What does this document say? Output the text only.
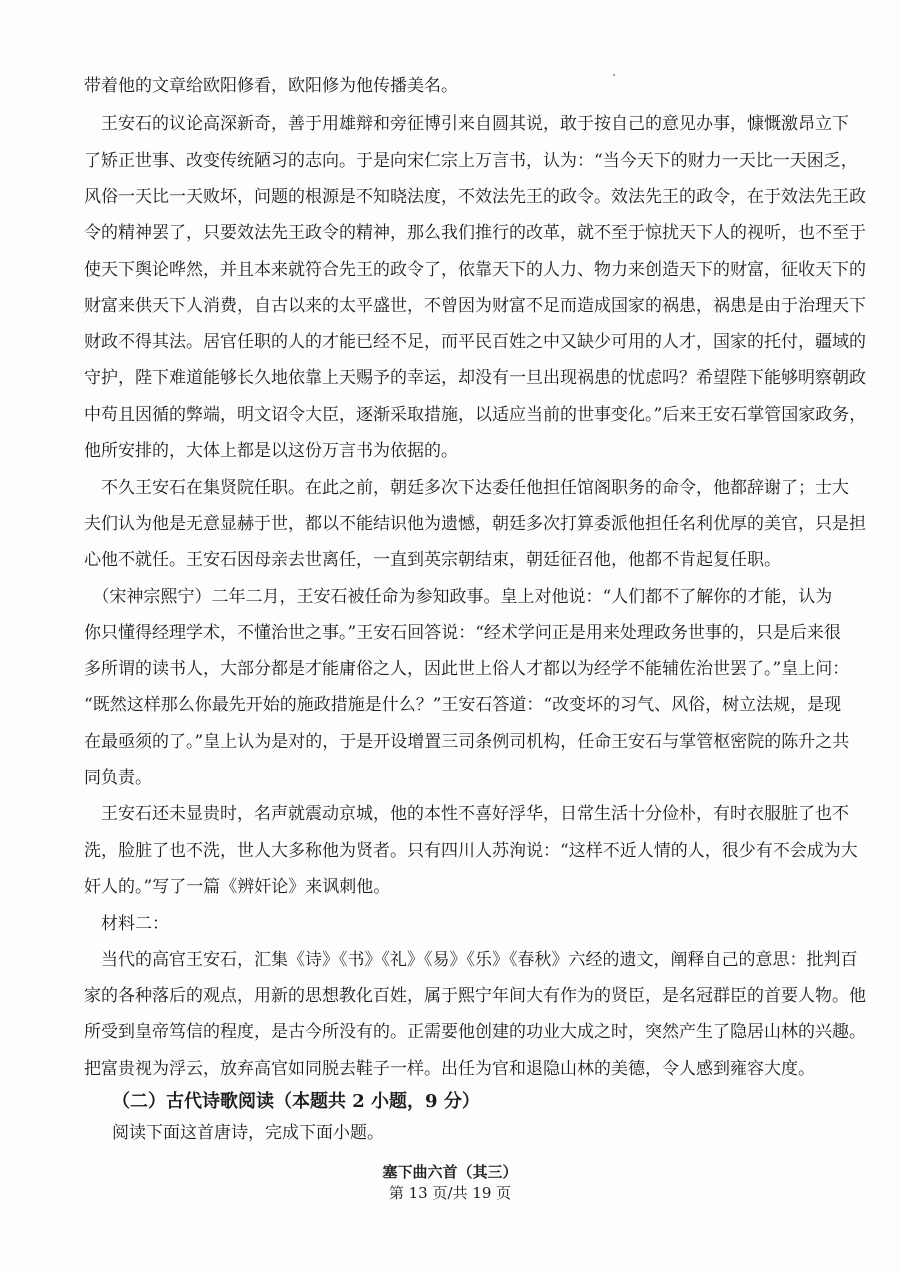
带着他的文章给欧阳修看，欧阳修为他传播美名。
　王安石的议论高深新奇，善于用雄辩和旁征博引来自圆其说，敢于按自己的意见办事，慷慨激昂立下
了矫正世事、改变传统陋习的志向。于是向宋仁宗上万言书，认为：“当今天下的财力一天比一天困乏，
风俗一天比一天败坏，问题的根源是不知晓法度，不效法先王的政令。效法先王的政令，在于效法先王政
令的精神罢了，只要效法先王政令的精神，那么我们推行的改革，就不至于惊扰天下人的视听，也不至于
使天下舆论哗然，并且本来就符合先王的政令了，依靠天下的人力、物力来创造天下的财富，征收天下的
财富来供天下人消费，自古以来的太平盛世，不曾因为财富不足而造成国家的祸患，祸患是由于治理天下
财政不得其法。居官任职的人的才能已经不足，而平民百姓之中又缺少可用的人才，国家的托付，疆域的
守护，陛下难道能够长久地依靠上天赐予的幸运，却没有一旦出现祸患的忧虑吗？希望陛下能够明察朝政
中苟且因循的弊端，明文诏令大臣，逐渐采取措施，以适应当前的世事变化。”后来王安石掌管国家政务，
他所安排的，大体上都是以这份万言书为依据的。
　不久王安石在集贤院任职。在此之前，朝廷多次下达委任他担任馆阁职务的命令，他都辞谢了；士大
夫们认为他是无意显赫于世，都以不能结识他为遗憾，朝廷多次打算委派他担任名利优厚的美官，只是担
心他不就任。王安石因母亲去世离任，一直到英宗朝结束，朝廷征召他，他都不肯起复任职。
　（宋神宗熙宁）二年二月，王安石被任命为参知政事。皇上对他说：“人们都不了解你的才能，认为
你只懂得经理学术，不懂治世之事。”王安石回答说：“经术学问正是用来处理政务世事的，只是后来很
多所谓的读书人，大部分都是才能庸俗之人，因此世上俗人才都以为经学不能辅佐治世罢了。”皇上问：
“既然这样那么你最先开始的施政措施是什么？”王安石答道：“改变坏的习气、风俗，树立法规，是现
在最亟须的了。”皇上认为是对的，于是开设增置三司条例司机构，任命王安石与掌管枢密院的陈升之共
同负责。
　王安石还未显贵时，名声就震动京城，他的本性不喜好浮华，日常生活十分俭朴，有时衣服脏了也不
洗，脸脏了也不洗，世人大多称他为贤者。只有四川人苏洵说：“这样不近人情的人，很少有不会成为大
奸人的。”写了一篇《辨奸论》来讽刺他。
　材料二：
　当代的高官王安石，汇集《诗》《书》《礼》《易》《乐》《春秋》六经的遗文，阐释自己的意思：批判百
家的各种落后的观点，用新的思想教化百姓，属于熙宁年间大有作为的贤臣，是名冠群臣的首要人物。他
所受到皇帝笃信的程度，是古今所没有的。正需要他创建的功业大成之时，突然产生了隐居山林的兴趣。
把富贵视为浮云，放弃高官如同脱去鞋子一样。出任为官和退隐山林的美德，令人感到雍容大度。
（二）古代诗歌阅读（本题共 2 小题，9 分）
阅读下面这首唐诗，完成下面小题。
塞下曲六首（其三）
第 13 页/共 19 页
